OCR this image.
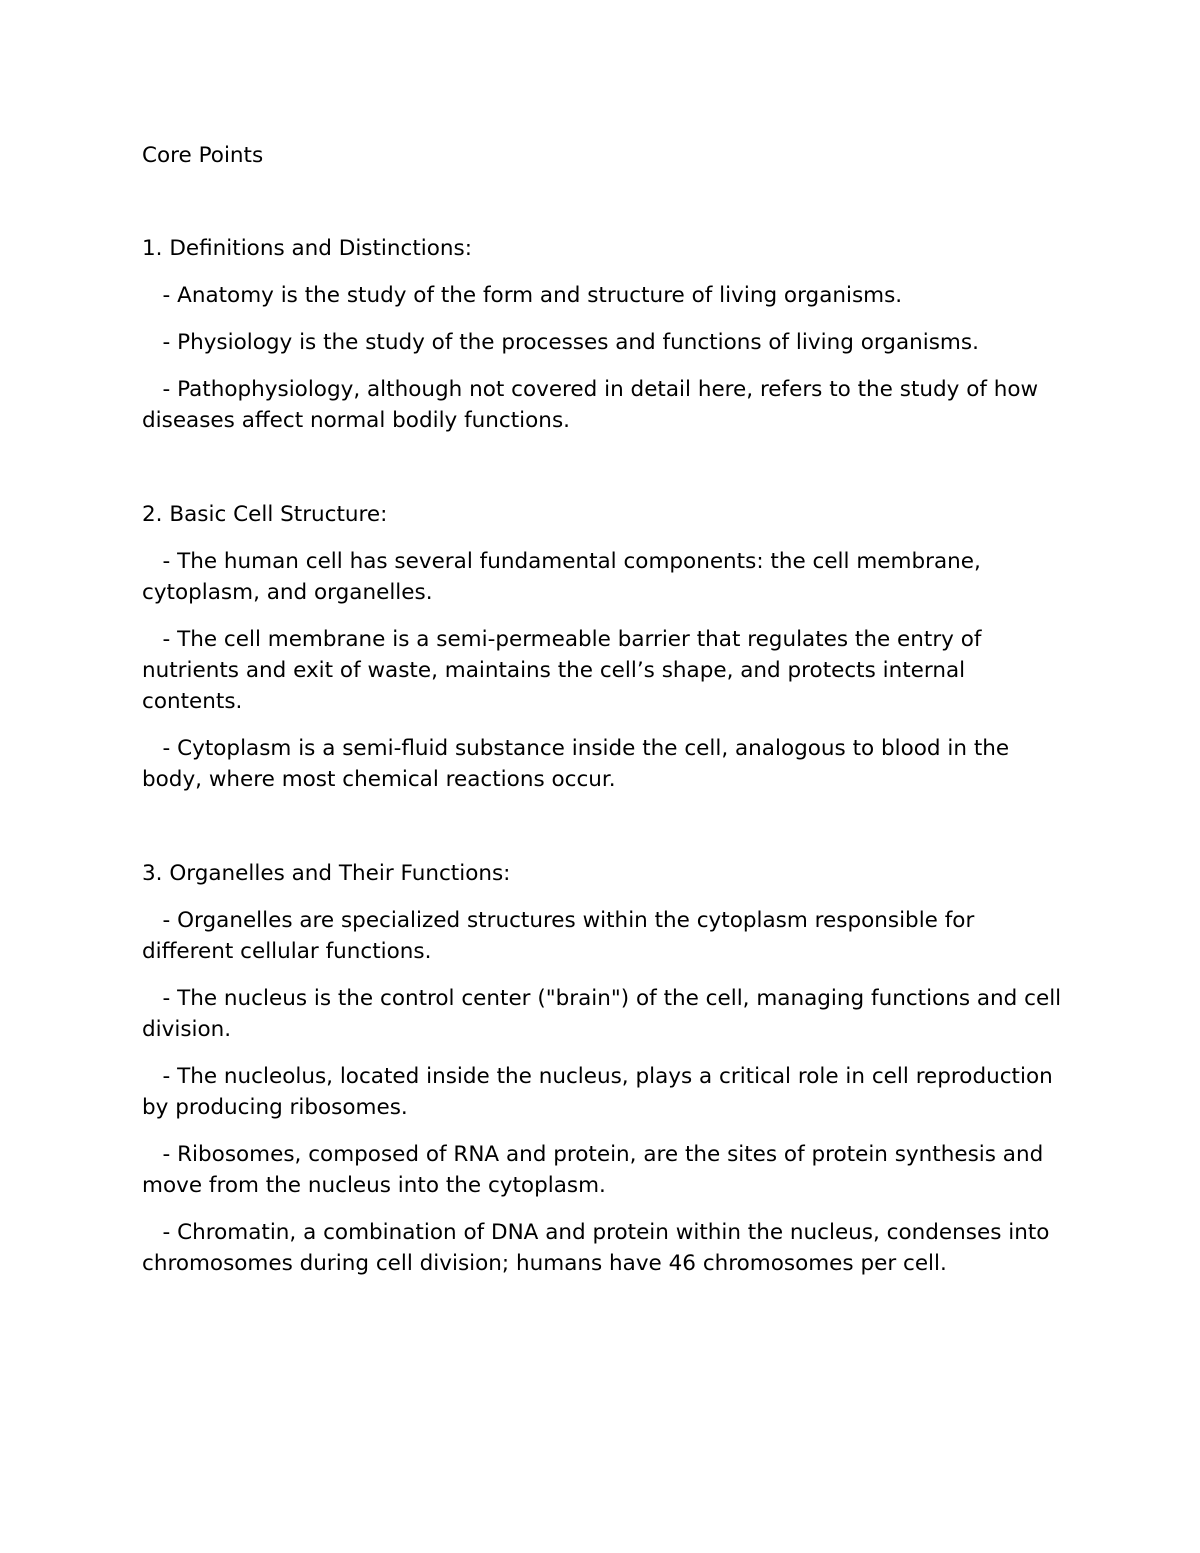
Core Points
1. Definitions and Distinctions:
- Anatomy is the study of the form and structure of living organisms.
- Physiology is the study of the processes and functions of living organisms.
- Pathophysiology, although not covered in detail here, refers to the study of how diseases affect normal bodily functions.
2. Basic Cell Structure:
- The human cell has several fundamental components: the cell membrane, cytoplasm, and organelles.
- The cell membrane is a semi-permeable barrier that regulates the entry of nutrients and exit of waste, maintains the cell’s shape, and protects internal contents.
- Cytoplasm is a semi-fluid substance inside the cell, analogous to blood in the body, where most chemical reactions occur.
3. Organelles and Their Functions:
- Organelles are specialized structures within the cytoplasm responsible for different cellular functions.
- The nucleus is the control center ("brain") of the cell, managing functions and cell division.
- The nucleolus, located inside the nucleus, plays a critical role in cell reproduction by producing ribosomes.
- Ribosomes, composed of RNA and protein, are the sites of protein synthesis and move from the nucleus into the cytoplasm.
- Chromatin, a combination of DNA and protein within the nucleus, condenses into chromosomes during cell division; humans have 46 chromosomes per cell.
